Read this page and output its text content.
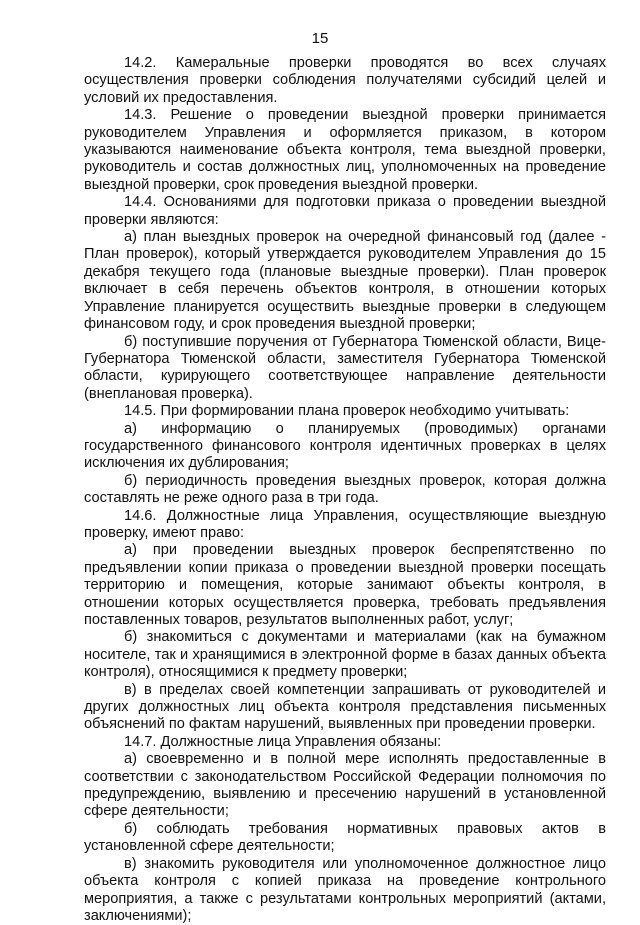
15

14.2. Камеральные проверки проводятся во всех случаях осуществления проверки соблюдения получателями субсидий целей и условий их предоставления.

14.3. Решение о проведении выездной проверки принимается руководителем Управления и оформляется приказом, в котором указываются наименование объекта контроля, тема выездной проверки, руководитель и состав должностных лиц, уполномоченных на проведение выездной проверки, срок проведения выездной проверки.

14.4. Основаниями для подготовки приказа о проведении выездной проверки являются:

а) план выездных проверок на очередной финансовый год (далее - План проверок), который утверждается руководителем Управления до 15 декабря текущего года (плановые выездные проверки). План проверок включает в себя перечень объектов контроля, в отношении которых Управление планируется осуществить выездные проверки в следующем финансовом году, и срок проведения выездной проверки;

б) поступившие поручения от Губернатора Тюменской области, Вице-Губернатора Тюменской области, заместителя Губернатора Тюменской области, курирующего соответствующее направление деятельности (внеплановая проверка).

14.5. При формировании плана проверок необходимо учитывать:

а) информацию о планируемых (проводимых) органами государственного финансового контроля идентичных проверках в целях исключения их дублирования;

б) периодичность проведения выездных проверок, которая должна составлять не реже одного раза в три года.

14.6. Должностные лица Управления, осуществляющие выездную проверку, имеют право:

а) при проведении выездных проверок беспрепятственно по предъявлении копии приказа о проведении выездной проверки посещать территорию и помещения, которые занимают объекты контроля, в отношении которых осуществляется проверка, требовать предъявления поставленных товаров, результатов выполненных работ, услуг;

б) знакомиться с документами и материалами (как на бумажном носителе, так и хранящимися в электронной форме в базах данных объекта контроля), относящимися к предмету проверки;

в) в пределах своей компетенции запрашивать от руководителей и других должностных лиц объекта контроля представления письменных объяснений по фактам нарушений, выявленных при проведении проверки.

14.7. Должностные лица Управления обязаны:

а) своевременно и в полной мере исполнять предоставленные в соответствии с законодательством Российской Федерации полномочия по предупреждению, выявлению и пресечению нарушений в установленной сфере деятельности;

б) соблюдать требования нормативных правовых актов в установленной сфере деятельности;

в) знакомить руководителя или уполномоченное должностное лицо объекта контроля с копией приказа на проведение контрольного мероприятия, а также с результатами контрольных мероприятий (актами, заключениями);
